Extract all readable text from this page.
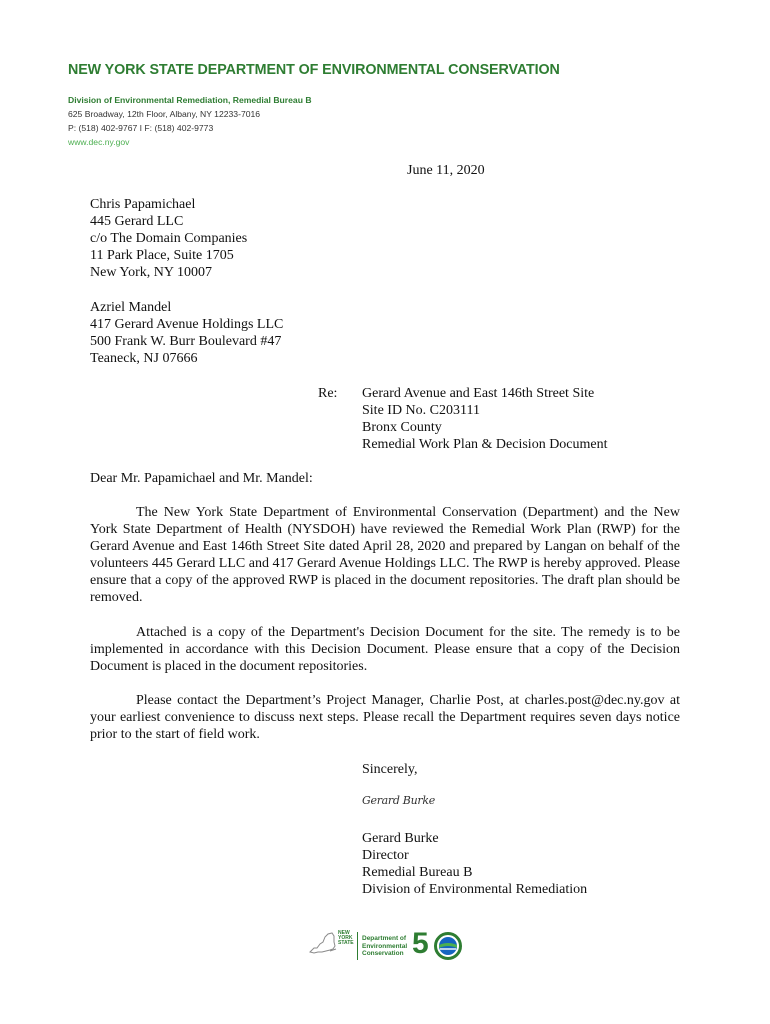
NEW YORK STATE DEPARTMENT OF ENVIRONMENTAL CONSERVATION
Division of Environmental Remediation, Remedial Bureau B
625 Broadway, 12th Floor, Albany, NY 12233-7016
P: (518) 402-9767 I F: (518) 402-9773
www.dec.ny.gov
June 11, 2020
Chris Papamichael
445 Gerard LLC
c/o The Domain Companies
11 Park Place, Suite 1705
New York, NY 10007
Azriel Mandel
417 Gerard Avenue Holdings LLC
500 Frank W. Burr Boulevard #47
Teaneck, NJ 07666
Re: Gerard Avenue and East 146th Street Site
Site ID No. C203111
Bronx County
Remedial Work Plan & Decision Document
Dear Mr. Papamichael and Mr. Mandel:

The New York State Department of Environmental Conservation (Department) and the New York State Department of Health (NYSDOH) have reviewed the Remedial Work Plan (RWP) for the Gerard Avenue and East 146th Street Site dated April 28, 2020 and prepared by Langan on behalf of the volunteers 445 Gerard LLC and 417 Gerard Avenue Holdings LLC. The RWP is hereby approved. Please ensure that a copy of the approved RWP is placed in the document repositories. The draft plan should be removed.

Attached is a copy of the Department's Decision Document for the site. The remedy is to be implemented in accordance with this Decision Document. Please ensure that a copy of the Decision Document is placed in the document repositories.

Please contact the Department’s Project Manager, Charlie Post, at charles.post@dec.ny.gov at your earliest convenience to discuss next steps. Please recall the Department requires seven days notice prior to the start of field work.

Sincerely,
Gerard Burke
Gerard Burke
Director
Remedial Bureau B
Division of Environmental Remediation
NEW
YORK
STATE
Department of
Environmental
Conservation 5
